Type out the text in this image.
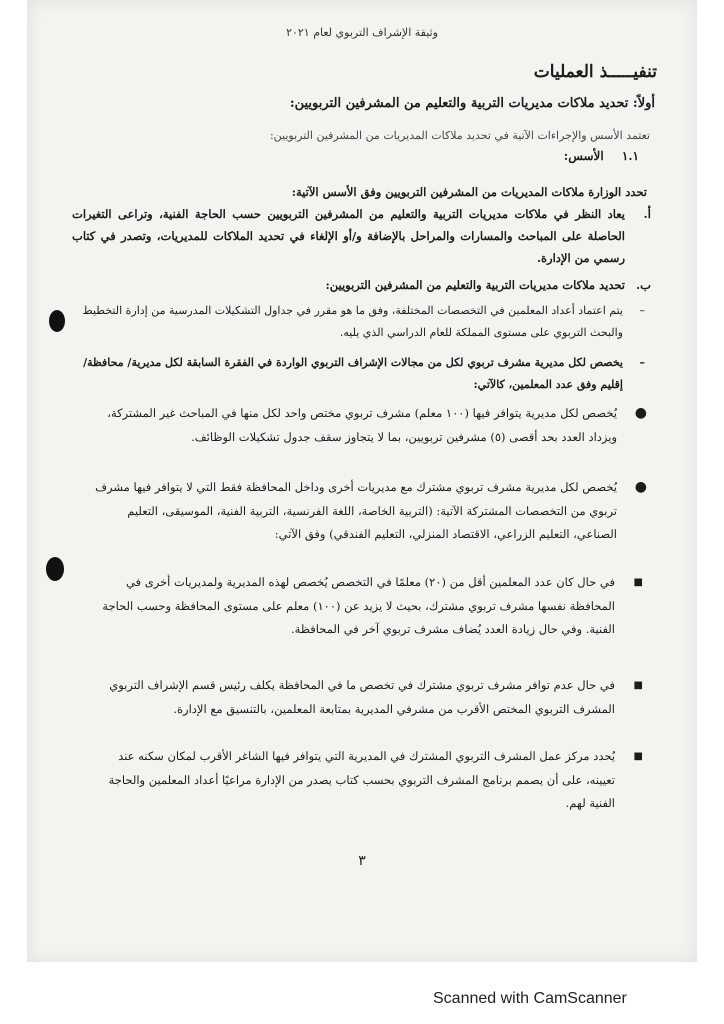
وثيقة الإشراف التربوي لعام ٢٠٢١
تنفيـــــذ العمليات
أولاً: تحديد ملاكات مديريات التربية والتعليم من المشرفين التربويين:
تعتمد الأسس والإجراءات الآتية في تحديد ملاكات المديريات من المشرفين التربويين:
١.١ الأسس:
تحدد الوزارة ملاكات المديريات من المشرفين التربويين وفق الأسس الآتية:
أ.
يعاد النظر في ملاكات مديريات التربية والتعليم من المشرفين التربويين حسب الحاجة الفنية، وتراعى التغيرات الحاصلة على المباحث والمسارات والمراحل بالإضافة و/أو الإلغاء في تحديد الملاكات للمديريات، وتصدر في كتاب رسمي من الإدارة.
ب.
تحديد ملاكات مديريات التربية والتعليم من المشرفين التربويين:
–
يتم اعتماد أعداد المعلمين في التخصصات المختلفة، وفق ما هو مقرر في جداول التشكيلات المدرسية من إدارة التخطيط والبحث التربوي على مستوى المملكة للعام الدراسي الذي يليه.
–
يخصص لكل مديرية مشرف تربوي لكل من مجالات الإشراف التربوي الواردة في الفقرة السابقة لكل مديرية/ محافظة/ إقليم وفق عدد المعلمين، كالآتي:
●
يُخصص لكل مديرية يتوافر فيها (١٠٠ معلم) مشرف تربوي مختص واحد لكل منها في المباحث غير المشتركة، ويزداد العدد بحد أقصى (٥) مشرفين تربويين، بما لا يتجاوز سقف جدول تشكيلات الوظائف.
●
يُخصص لكل مديرية مشرف تربوي مشترك مع مديريات أخرى وداخل المحافظة فقط التي لا يتوافر فيها مشرف تربوي من التخصصات المشتركة الآتية: (التربية الخاصة، اللغة الفرنسية، التربية الفنية، الموسيقى، التعليم الصناعي، التعليم الزراعي، الاقتصاد المنزلي، التعليم الفندقي) وفق الآتي:
■
في حال كان عدد المعلمين أقل من (٢٠) معلمًا في التخصص يُخصص لهذه المديرية ولمديريات أخرى في المحافظة نفسها مشرف تربوي مشترك، بحيث لا يزيد عن (١٠٠) معلم على مستوى المحافظة وحسب الحاجة الفنية. وفي حال زيادة العدد يُضاف مشرف تربوي آخر في المحافظة.
■
في حال عدم توافر مشرف تربوي مشترك في تخصص ما في المحافظة يكلف رئيس قسم الإشراف التربوي المشرف التربوي المختص الأقرب من مشرفي المديرية بمتابعة المعلمين، بالتنسيق مع الإدارة.
■
يُحدد مركز عمل المشرف التربوي المشترك في المديرية التي يتوافر فيها الشاغر الأقرب لمكان سكنه عند تعيينه، على أن يصمم برنامج المشرف التربوي بحسب كتاب يصدر من الإدارة مراعيًا أعداد المعلمين والحاجة الفنية لهم.
٣
Scanned with CamScanner
